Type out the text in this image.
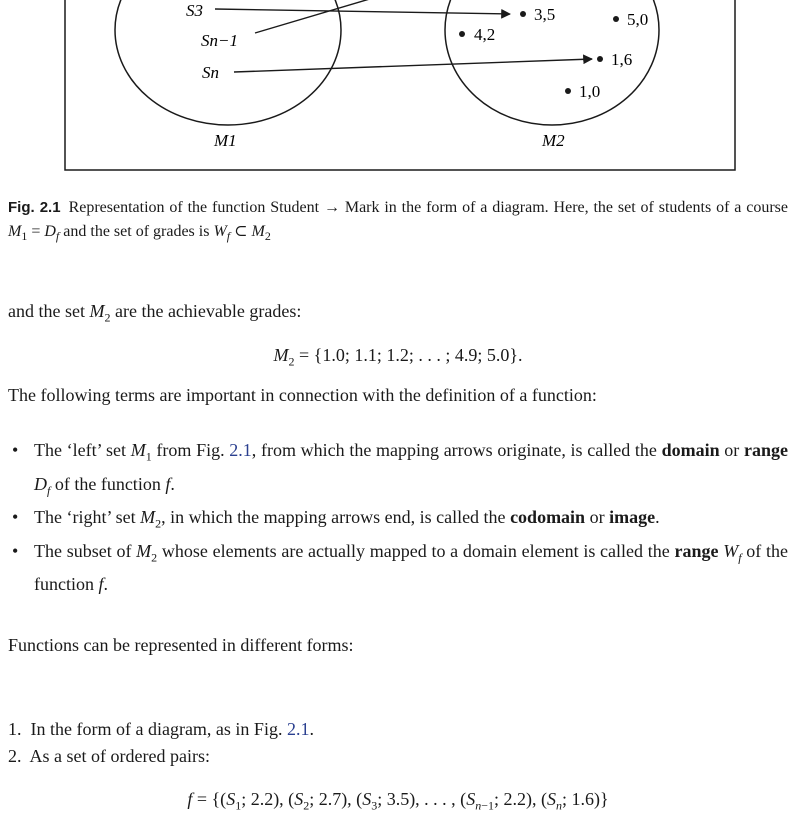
S3
Sn−1
Sn
3,5	5,0
4,2
1,6
1,0
M1	M2
Fig. 2.1 Representation of the function Student → Mark in the form of a diagram. Here, the set of students of a course $M_1 = D_f$ and the set of grades is $W_f$ ⊂ $M_2$
and the set $M_2$ are the achievable grades:
$M_2 = \{1.0$; 1.1; 1.2; . . . ; 4.9; 5.0}.
The following terms are important in connection with the definition of a function:
• The ‘left’ set $M_1$ from Fig. 2.1, from which the mapping arrows originate, is called the domain or range $D_f$ of the function f.
• The ‘right’ set $M_2$, in which the mapping arrows end, is called the codomain or image.
• The subset of $M_2$ whose elements are actually mapped to a domain element is called the range $W_f$ of the function f.
Functions can be represented in different forms:
1. In the form of a diagram, as in Fig. 2.1.
2. As a set of ordered pairs:
$f = \{(S_1$; 2.2), ($S_2$; 2.7), ($S_3$; 3.5), . . . , ($S_{n-1}$; 2.2), ($S_n$; 1.6)}
